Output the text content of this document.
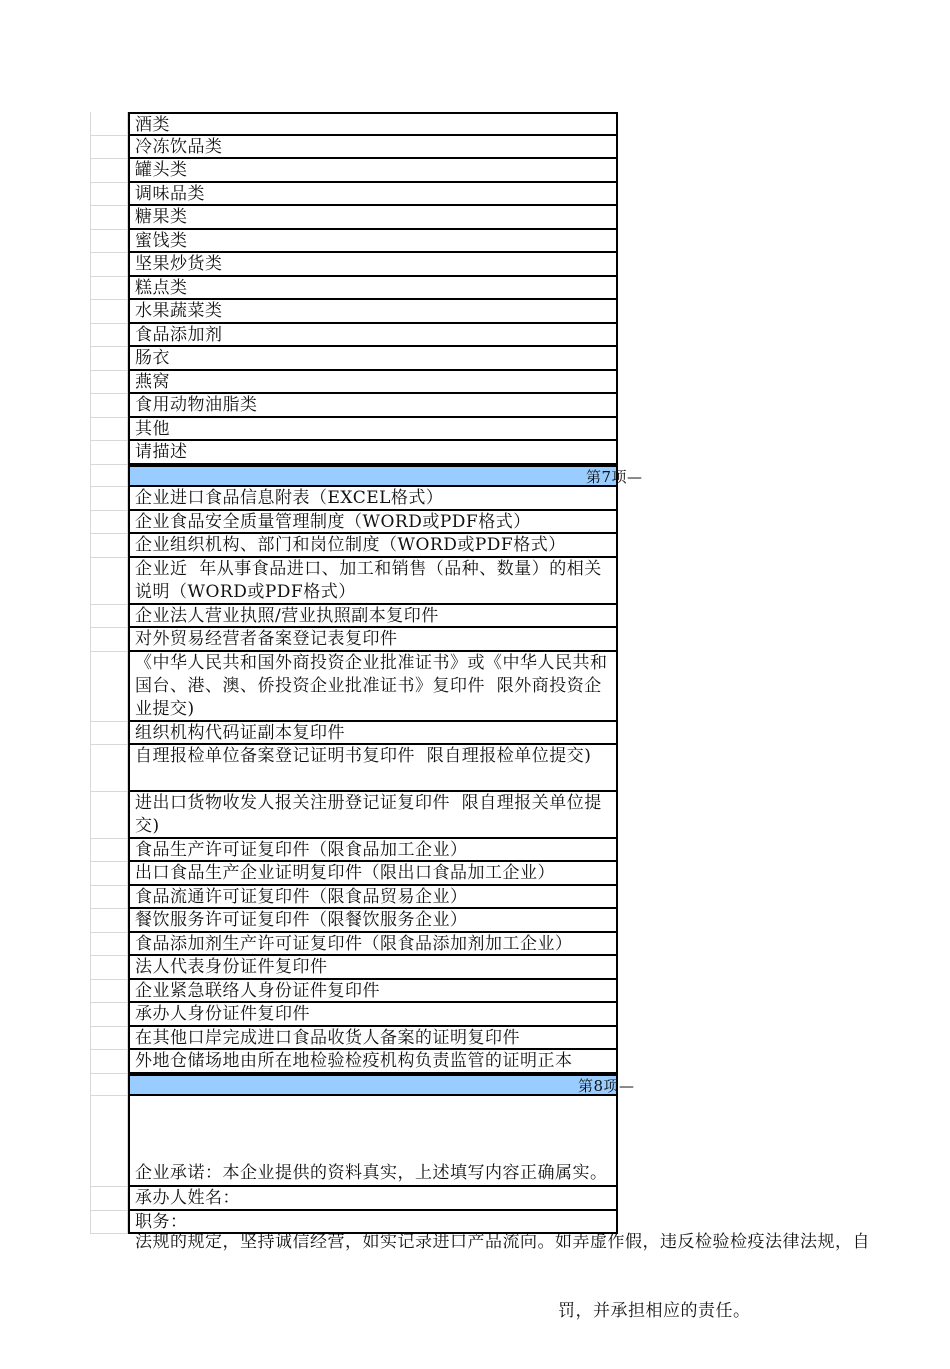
酒类
冷冻饮品类
罐头类
调味品类
糖果类
蜜饯类
坚果炒货类
糕点类
水果蔬菜类
食品添加剂
肠衣
燕窝
食用动物油脂类
其他
请描述

第7项—

企业进口食品信息附表（EXCEL格式）
企业食品安全质量管理制度（WORD或PDF格式）
企业组织机构、部门和岗位制度（WORD或PDF格式）
企业近  年从事食品进口、加工和销售（品种、数量）的相关说明（WORD或PDF格式）
企业法人营业执照/营业执照副本复印件
对外贸易经营者备案登记表复印件
《中华人民共和国外商投资企业批准证书》或《中华人民共和国台、港、澳、侨投资企业批准证书》复印件  限外商投资企业提交)
组织机构代码证副本复印件
自理报检单位备案登记证明书复印件  限自理报检单位提交)
进出口货物收发人报关注册登记证复印件  限自理报关单位提交)
食品生产许可证复印件（限食品加工企业）
出口食品生产企业证明复印件（限出口食品加工企业）
食品流通许可证复印件（限食品贸易企业）
餐饮服务许可证复印件（限餐饮服务企业）
食品添加剂生产许可证复印件（限食品添加剂加工企业）
法人代表身份证件复印件
企业紧急联络人身份证件复印件
承办人身份证件复印件
在其他口岸完成进口食品收货人备案的证明复印件
外地仓储场地由所在地检验检疫机构负责监管的证明正本

第8项—

企业承诺：本企业提供的资料真实，上述填写内容正确属实。

法规的规定，坚持诚信经营，如实记录进口产品流向。如弄虚作假，违反检验检疫法律法规，自

罚，并承担相应的责任。

承办人姓名：
职务：
